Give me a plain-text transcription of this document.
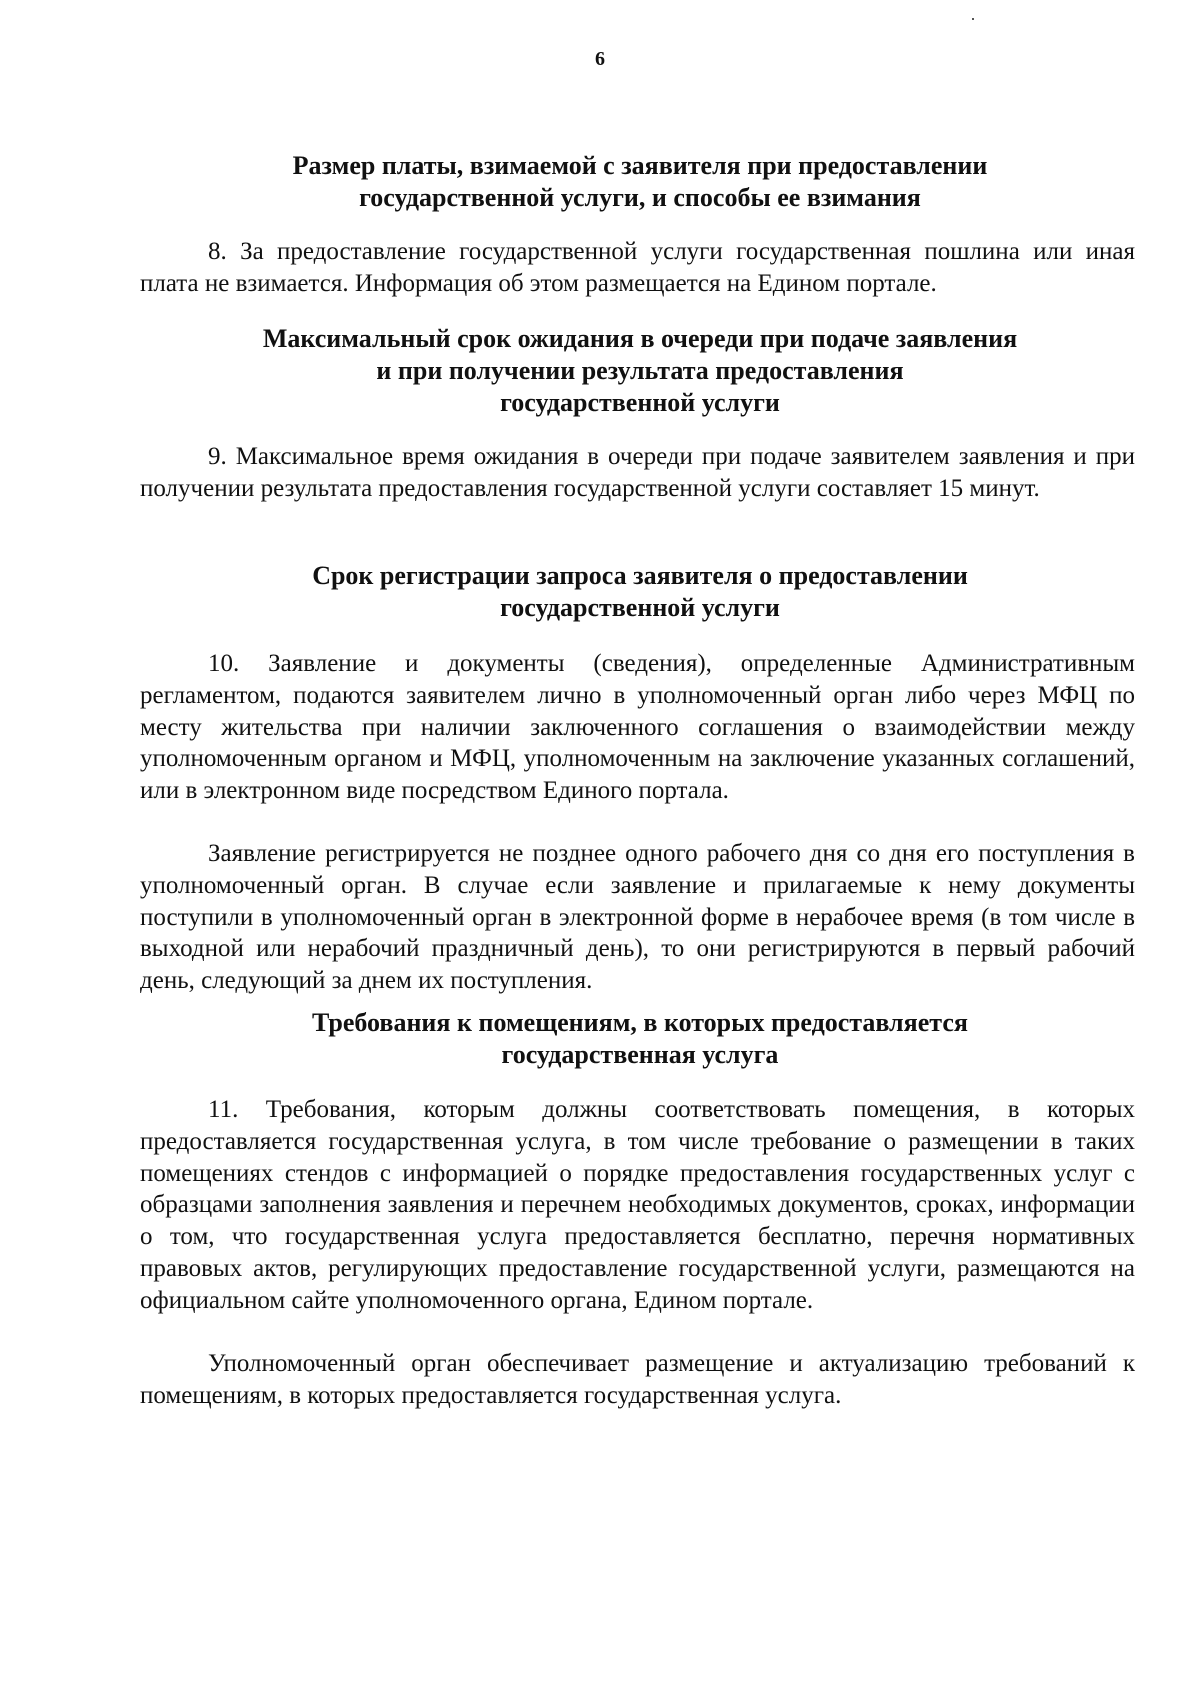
6
Размер платы, взимаемой с заявителя при предоставлении
государственной услуги, и способы ее взимания

8. За предоставление государственной услуги государственная пошлина или иная плата не взимается. Информация об этом размещается на Едином портале.

Максимальный срок ожидания в очереди при подаче заявления
и при получении результата предоставления
государственной услуги

9. Максимальное время ожидания в очереди при подаче заявителем заявления и при получении результата предоставления государственной услуги составляет 15 минут.

Срок регистрации запроса заявителя о предоставлении
государственной услуги

10. Заявление и документы (сведения), определенные Административным регламентом, подаются заявителем лично в уполномоченный орган либо через МФЦ по месту жительства при наличии заключенного соглашения о взаимодействии между уполномоченным органом и МФЦ, уполномоченным на заключение указанных соглашений, или в электронном виде посредством Единого портала.

Заявление регистрируется не позднее одного рабочего дня со дня его поступления в уполномоченный орган. В случае если заявление и прилагаемые к нему документы поступили в уполномоченный орган в электронной форме в нерабочее время (в том числе в выходной или нерабочий праздничный день), то они регистрируются в первый рабочий день, следующий за днем их поступления.

Требования к помещениям, в которых предоставляется
государственная услуга

11. Требования, которым должны соответствовать помещения, в которых предоставляется государственная услуга, в том числе требование о размещении в таких помещениях стендов с информацией о порядке предоставления государственных услуг с образцами заполнения заявления и перечнем необходимых документов, сроках, информации о том, что государственная услуга предоставляется бесплатно, перечня нормативных правовых актов, регулирующих предоставление государственной услуги, размещаются на официальном сайте уполномоченного органа, Едином портале.

Уполномоченный орган обеспечивает размещение и актуализацию требований к помещениям, в которых предоставляется государственная услуга.
